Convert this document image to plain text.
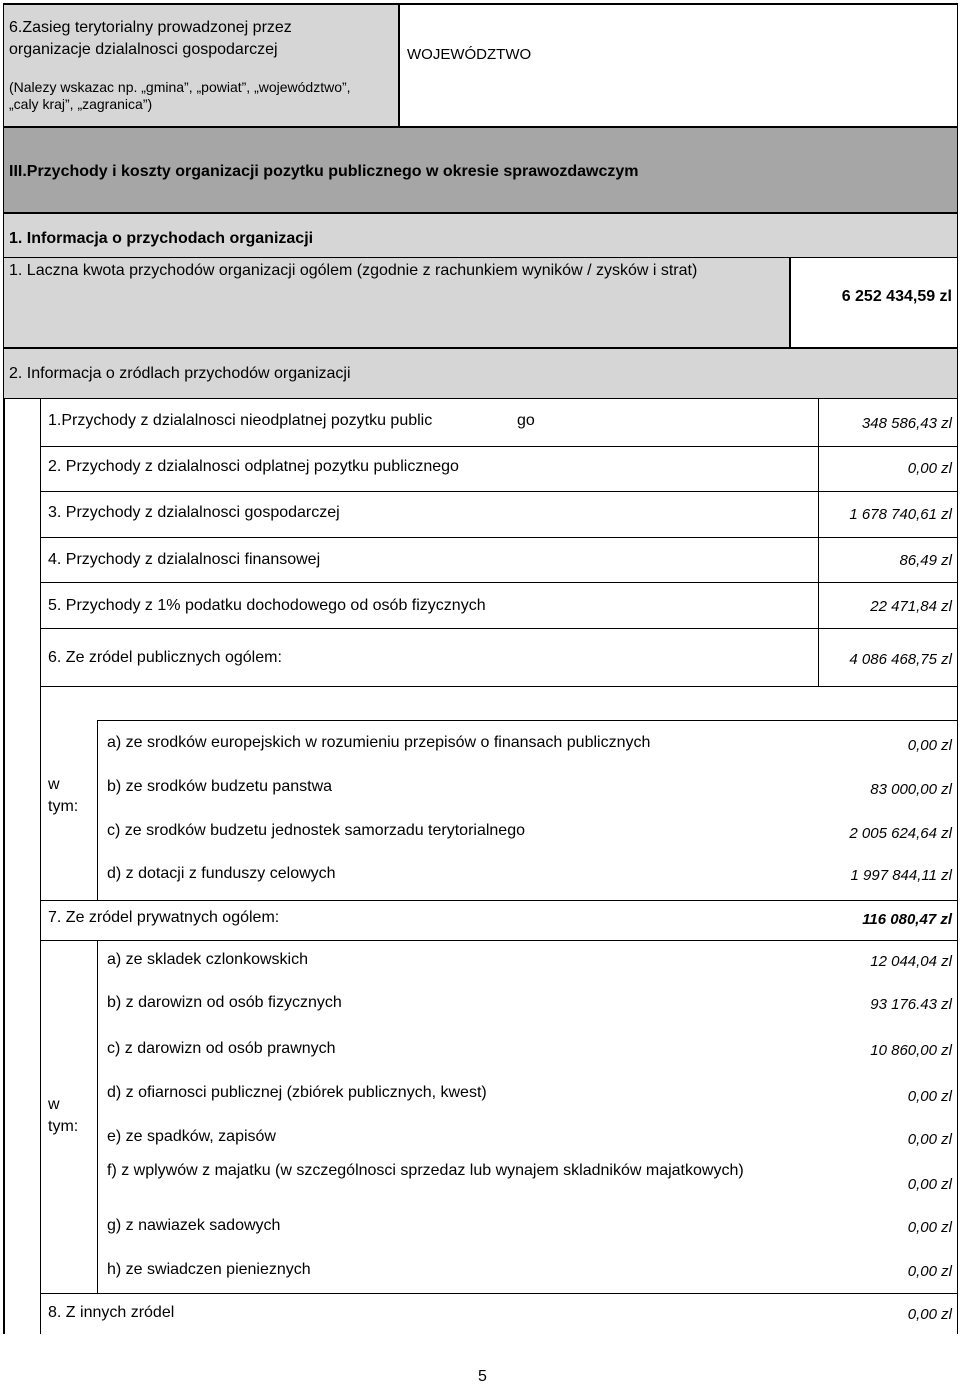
6.Zasieg terytorialny prowadzonej przez
organizacje dzialalnosci gospodarczej
(Nalezy wskazac np. „gmina”, „powiat”, „województwo”,
„caly kraj”, „zagranica”)
WOJEWÓDZTWO
III.Przychody i koszty organizacji pozytku publicznego w okresie sprawozdawczym
1. Informacja o przychodach organizacji
1. Laczna kwota przychodów organizacji ogólem (zgodnie z rachunkiem wyników / zysków i strat)
6 252 434,59 zl
2. Informacja o zródlach przychodów organizacji
1.Przychody z dzialalnosci nieodplatnej pozytku public	go	348 586,43 zl
2. Przychody z dzialalnosci odplatnej pozytku publicznego	0,00 zl
3. Przychody z dzialalnosci gospodarczej	1 678 740,61 zl
4. Przychody z dzialalnosci finansowej	86,49 zl
5. Przychody z 1% podatku dochodowego od osób fizycznych	22 471,84 zl
6. Ze zródel publicznych ogólem:	4 086 468,75 zl
w
tym:
a) ze srodków europejskich w rozumieniu przepisów o finansach publicznych	0,00 zl
b) ze srodków budzetu panstwa	83 000,00 zl
c) ze srodków budzetu jednostek samorzadu terytorialnego	2 005 624,64 zl
d) z dotacji z funduszy celowych	1 997 844,11 zl
7. Ze zródel prywatnych ogólem:	116 080,47 zl
w
tym:
a) ze skladek czlonkowskich	12 044,04 zl
b) z darowizn od osób fizycznych	93 176.43 zl
c) z darowizn od osób prawnych	10 860,00 zl
d) z ofiarnosci publicznej (zbiórek publicznych, kwest)	0,00 zl
e) ze spadków, zapisów	0,00 zl
f) z wplywów z majatku (w szczególnosci sprzedaz lub wynajem skladników majatkowych)
0,00 zl
g) z nawiazek sadowych	0,00 zl
h) ze swiadczen pienieznych	0,00 zl
8. Z innych zródel	0,00 zl
5
